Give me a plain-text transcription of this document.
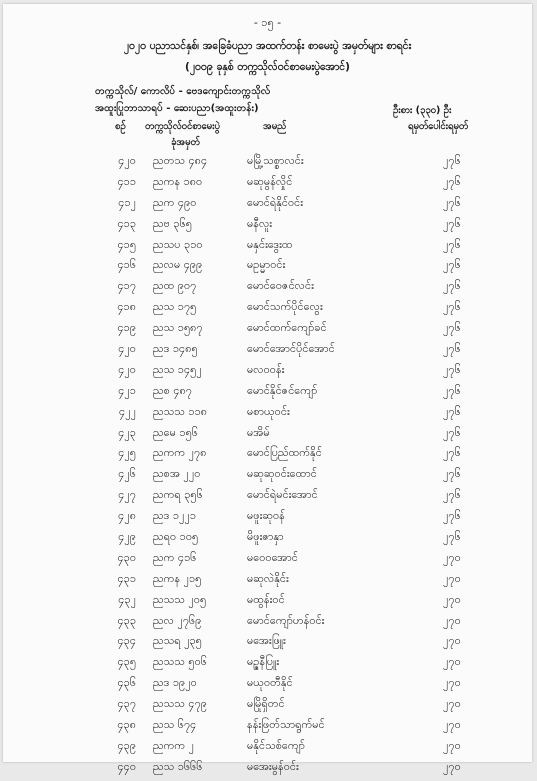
- ၁၅ -
၂၀၂၀ ပညာသင်နှစ်၊ အခြေခံပညာ အထက်တန်း စာမေးပွဲ အမှတ်များ စာရင်း
(၂၀၀၉ ခုနှစ် တက္ကသိုလ်ဝင်စာမေးပွဲအောင်)
တက္ကသိုလ်/ ကောလိပ် - ဗေဒကျောင်းတက္ကသိုလ်
အထူးပြုဘာသာရပ် - ဆေးပညာ(အထူးတန်း)	ဦးစား (၃၃၀) ဦး
ရမှတ်ပေါင်းရမှတ်
စဉ် တက္ကသိုလ်ဝင်စာမေးပွဲ
ခုံအမှတ်
အမည်
၄၂၀ ညတသ ၄၈၄	မမြို့သစ္စာလင်း	၂၇၆
၄၁၁ ညကန ၁၈၀	မဆုမွန်လှိုင်	၂၇၆
၄၁၂ ညက ၄၉၀	မောင်ရဲနိုင်ဝင်း	၂၇၆
၄၁၃ ညဗ ၃၆၅	မနီလူး	၂၇၆
၄၁၅ ညသပ ၃၁၀	မနှင်းဒွေးထ	၂၇၆
၄၁၆ ညလမ ၄၉၉	မဥမ္မာဝင်း	၂၇၆
၄၁၇ ညထ ၉၀၇	မောင်ဝေဇင်လင်း	၂၇၆
၄၁၈ ညသ ၁၇၅	မောင်သက်ပိုင်လွေး	၂၇၆
၄၁၉ ညသ ၁၅၈၇	မောင်ထက်ကျော်ခင်	၂၇၆
၄၂၀ ညဒ ၁၄၈၅	မောင်အောင်ပိုင်အောင်	၂၇၆
၄၂၀ ညသ ၁၄၅၂	မလ၀ဝန်း	၂၇၆
၄၂၁ ညစ ၄၈၇	မောင်နိုင်ဇင်ကျော်	၂၇၆
၄၂၂ ညသသ ၁၁၈	မစာယုဝင်း	၂၇၆
၄၂၃ ညမေ ၁၅၆	မအိမ်	၂၇၆
၄၂၅ ညကက ၂၇၈	မောင်ပြည်ထက်နိုင်	၂၇၆
၄၂၆ ညစအ ၂၂၀	မဆုဆုဝင်းထောင်	၂၇၆
၄၂၇ ညကရ ၃၅၆	မောင်ရဲမင်းအောင်	၂၇၆
၄၂၈ ညဒ ၁၂၂၁	မဖူးဆုဝန်	၂၇၆
၄၂၉ ညရ၀ ၁၀၅	မိဖူးဇာနှာ	၂၇၆
၄၃၀ ညက ၄၁၆	မဝေဝအောင်	၂၇၀
၄၃၁ ညကန ၂၁၅	မဆုလဲနိုင်း	၂၇၀
၄၃၂ ညသသ ၂၀၅	မထွန်းဝင်	၂၇၀
၄၃၃ ညလ ၂၇၆၉	မောင်ကျော်ဟန်ဝင်း	၂၇၀
၄၃၄ ညသရ ၂၃၅	မအေးဖြူး	၂၇၀
၄၃၅ ညသသ ၅၀၆	မဥ္ဇနီပြူး	၂၇၀
၄၃၆ ညဒ ၁၉၂၀	မယုဝတီနိုင်	၂၇၀
၄၃၇ ညသသ ၄၇၉	မမြိုရှိတင်	၂၇၀
၄၃၈ ညသ ၆၇၄	နန်းဖြတ်သာရွက်မင်	၂၇၀
၄၃၉ ညကက ၂	မနိုင်သစ်ကျော်	၂၇၀
၄၄၀ ညသ ၁၆၆၆	မအေးမွန်ဝင်း	၂၇၀
